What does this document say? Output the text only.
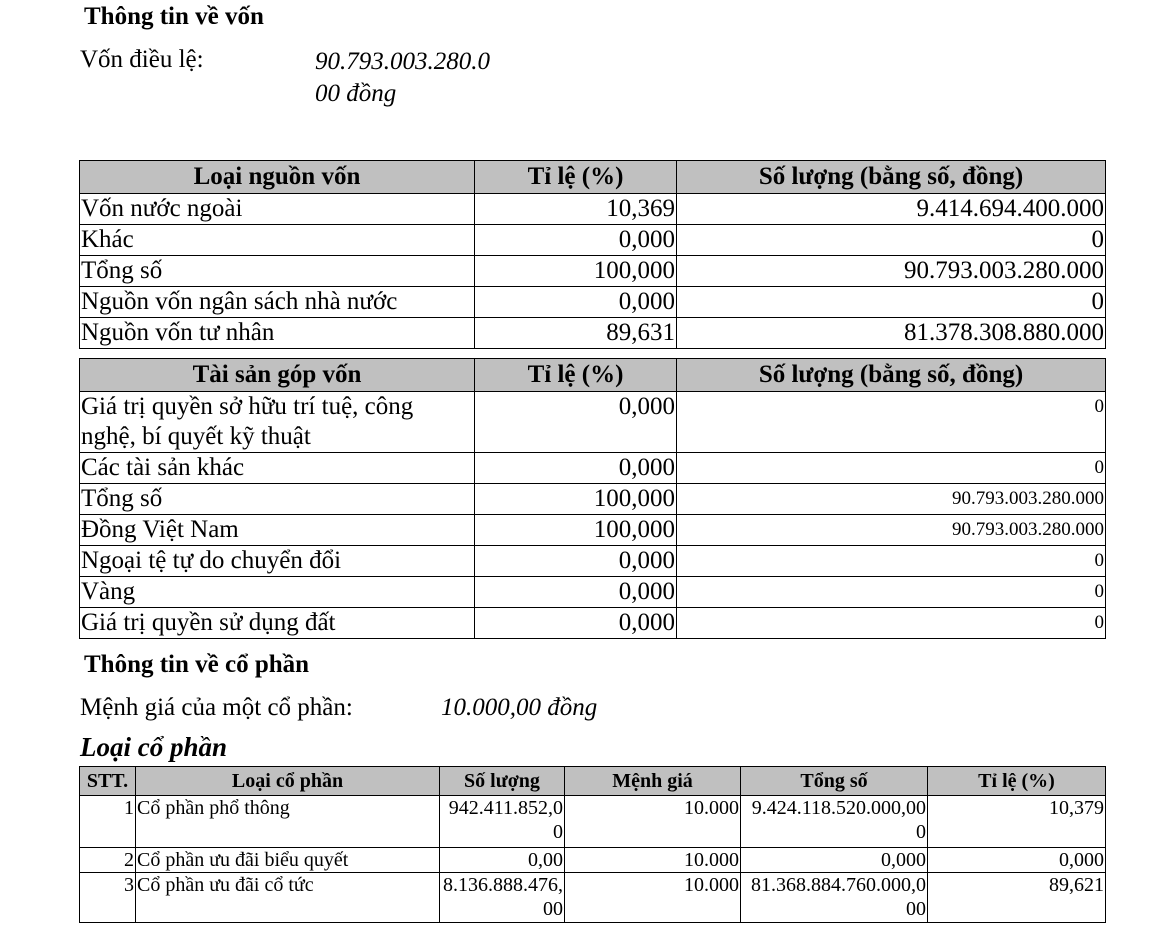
Thông tin về vốn
Vốn điều lệ:	90.793.003.280.0
00 đồng
Loại nguồn vốn	Tỉ lệ (%)	Số lượng (bằng số, đồng)
Vốn nước ngoài	10,369	9.414.694.400.000
Khác	0,000	0
Tổng số	100,000	90.793.003.280.000
Nguồn vốn ngân sách nhà nước	0,000	0
Nguồn vốn tư nhân	89,631	81.378.308.880.000
Tài sản góp vốn	Tỉ lệ (%)	Số lượng (bằng số, đồng)
Giá trị quyền sở hữu trí tuệ, công nghệ, bí quyết kỹ thuật	0,000	0
Các tài sản khác	0,000	0
Tổng số	100,000	90.793.003.280.000
Đồng Việt Nam	100,000	90.793.003.280.000
Ngoại tệ tự do chuyển đổi	0,000	0
Vàng	0,000	0
Giá trị quyền sử dụng đất	0,000	0
Thông tin về cổ phần
Mệnh giá của một cổ phần:	10.000,00 đồng
Loại cổ phần
STT.	Loại cổ phần	Số lượng	Mệnh giá	Tổng số	Tỉ lệ (%)
1	Cổ phần phổ thông	942.411.852,00	10.000	9.424.118.520.000,000	10,379
2	Cổ phần ưu đãi biểu quyết	0,00	10.000	0,000	0,000
3	Cổ phần ưu đãi cổ tức	8.136.888.476,00	10.000	81.368.884.760.000,000	89,621
